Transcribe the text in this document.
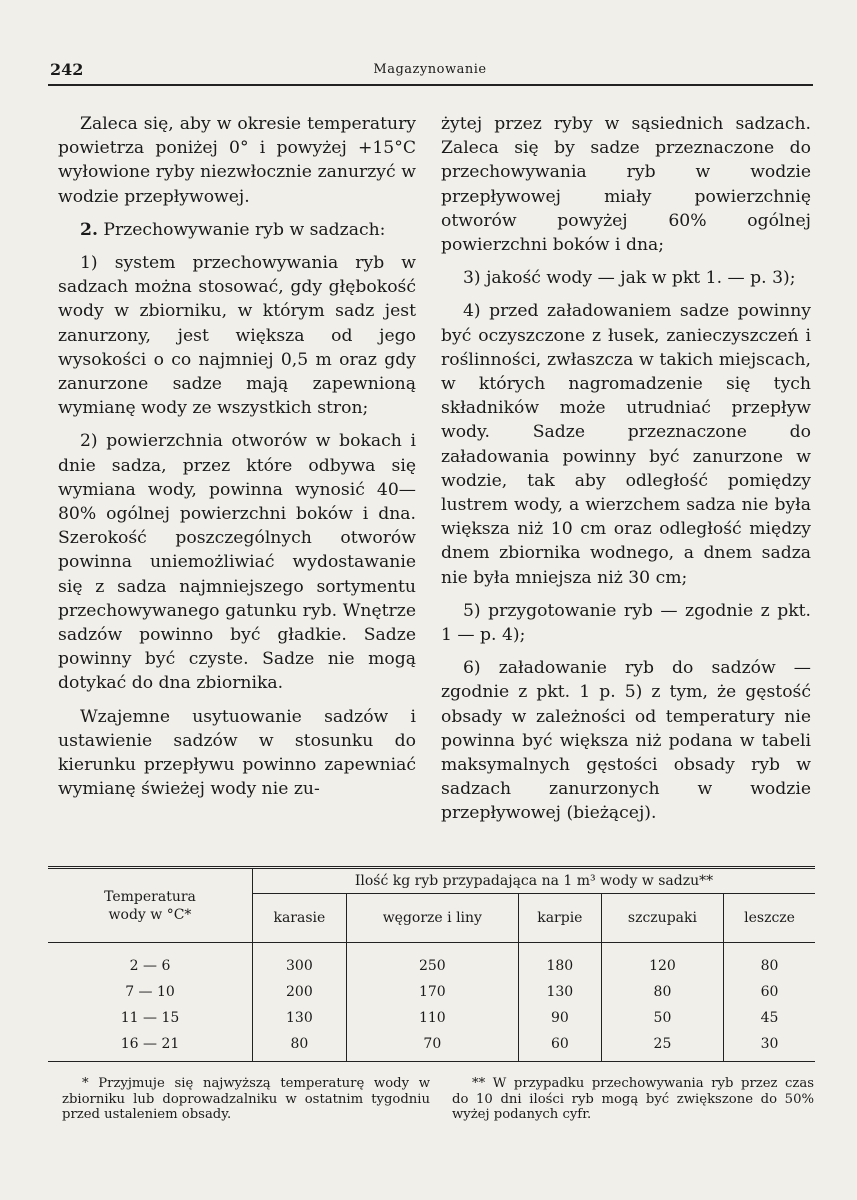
242	Magazynowanie

Zaleca się, aby w okresie temperatury powietrza poniżej 0° i powyżej +15°C wyłowione ryby niezwłocznie zanurzyć w wodzie przepływowej.

2. Przechowywanie ryb w sadzach:

1) system przechowywania ryb w sadzach można stosować, gdy głębokość wody w zbiorniku, w którym sadz jest zanurzony, jest większa od jego wysokości o co najmniej 0,5 m oraz gdy zanurzone sadze mają zapewnioną wymianę wody ze wszystkich stron;

2) powierzchnia otworów w bokach i dnie sadza, przez które odbywa się wymiana wody, powinna wynosić 40—80% ogólnej powierzchni boków i dna. Szerokość poszczególnych otworów powinna uniemożliwiać wydostawanie się z sadza najmniejszego sortymentu przechowywanego gatunku ryb. Wnętrze sadzów powinno być gładkie. Sadze powinny być czyste. Sadze nie mogą dotykać do dna zbiornika.

Wzajemne usytuowanie sadzów i ustawienie sadzów w stosunku do kierunku przepływu powinno zapewniać wymianę świeżej wody nie zu-

żytej przez ryby w sąsiednich sadzach. Zaleca się by sadze przeznaczone do przechowywania ryb w wodzie przepływowej miały powierzchnię otworów powyżej 60% ogólnej powierzchni boków i dna;

3) jakość wody — jak w pkt 1. — p. 3);

4) przed załadowaniem sadze powinny być oczyszczone z łusek, zanieczyszczeń i roślinności, zwłaszcza w takich miejscach, w których nagromadzenie się tych składników może utrudniać przepływ wody. Sadze przeznaczone do załadowania powinny być zanurzone w wodzie, tak aby odległość pomiędzy lustrem wody, a wierzchem sadza nie była większa niż 10 cm oraz odległość między dnem zbiornika wodnego, a dnem sadza nie była mniejsza niż 30 cm;

5) przygotowanie ryb — zgodnie z pkt. 1 — p. 4);

6) załadowanie ryb do sadzów — zgodnie z pkt. 1 p. 5) z tym, że gęstość obsady w zależności od temperatury nie powinna być większa niż podana w tabeli maksymalnych gęstości obsady ryb w sadzach zanurzonych w wodzie przepływowej (bieżącej).

Temperatura
wody w °C*	Ilość kg ryb przypadająca na 1 m³ wody w sadzu**				
	karasie	węgorze i liny	karpie	szczupaki	leszcze
2 — 6	300	250	180	120	80
7 — 10	200	170	130	80	60
11 — 15	130	110	90	50	45
16 — 21	80	70	60	25	30

* Przyjmuje się najwyższą temperaturę wody w zbiorniku lub doprowadzalniku w ostatnim tygodniu przed ustaleniem obsady.

** W przypadku przechowywania ryb przez czas do 10 dni ilości ryb mogą być zwiększone do 50% wyżej podanych cyfr.
